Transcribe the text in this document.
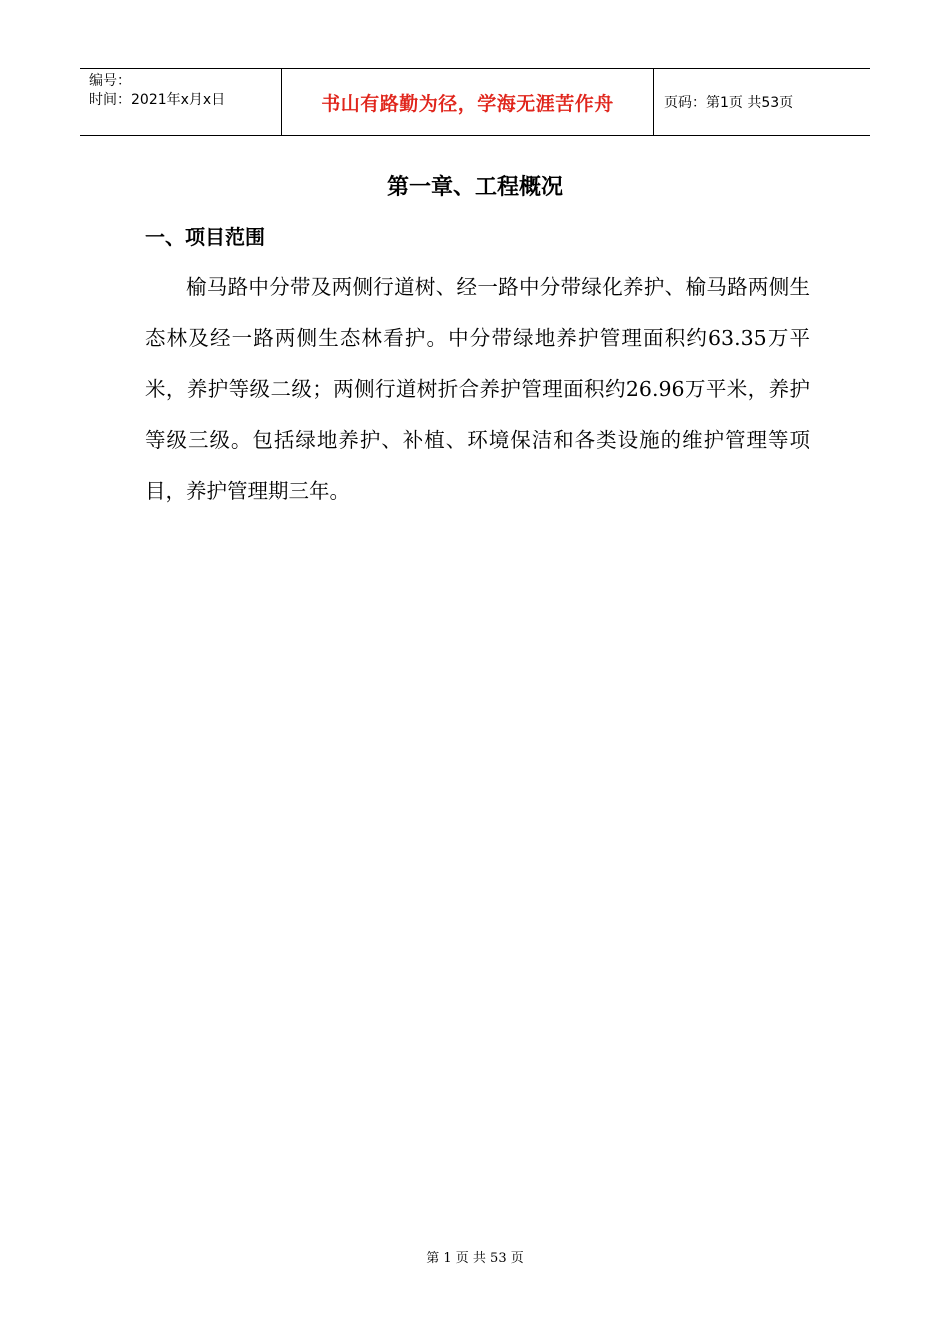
编号：
时间：2021年x月x日	书山有路勤为径，学海无涯苦作舟	页码：第1页 共53页
第一章、工程概况
一、项目范围
榆马路中分带及两侧行道树、经一路中分带绿化养护、榆马路两侧生态林及经一路两侧生态林看护。中分带绿地养护管理面积约63.35万平米，养护等级二级；两侧行道树折合养护管理面积约26.96万平米，养护等级三级。包括绿地养护、补植、环境保洁和各类设施的维护管理等项目，养护管理期三年。
第 1 页 共 53 页
